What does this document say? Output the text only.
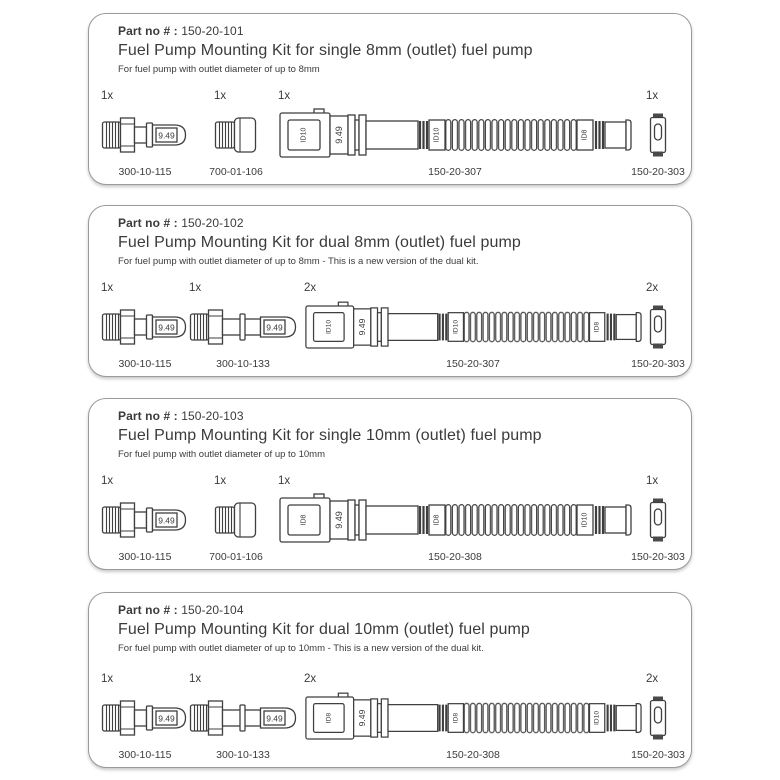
Part no # : 150-20-101
Fuel Pump Mounting Kit for single 8mm (outlet) fuel pump
For fuel pump with outlet diameter of up to 8mm
1x
9.49
300-10-115
1x
700-01-106
1x
ID10	9.49	ID10	ID8
150-20-307
1x
150-20-303
Part no # : 150-20-102
Fuel Pump Mounting Kit for dual 8mm (outlet) fuel pump
For fuel pump with outlet diameter of up to 8mm - This is a new version of the dual kit.
1x
9.49
300-10-115
1x
9.49
300-10-133
2x
ID10	9.49	ID10	ID8
150-20-307
2x
150-20-303
Part no # : 150-20-103
Fuel Pump Mounting Kit for single 10mm (outlet) fuel pump
For fuel pump with outlet diameter of up to 10mm
1x
9.49
300-10-115
1x
700-01-106
1x
ID8	9.49	ID8	ID10
150-20-308
1x
150-20-303
Part no # : 150-20-104
Fuel Pump Mounting Kit for dual 10mm (outlet) fuel pump
For fuel pump with outlet diameter of up to 10mm - This is a new version of the dual kit.
1x
9.49
300-10-115
1x
9.49
300-10-133
2x
ID8	9.49	ID8	ID10
150-20-308
2x
150-20-303
